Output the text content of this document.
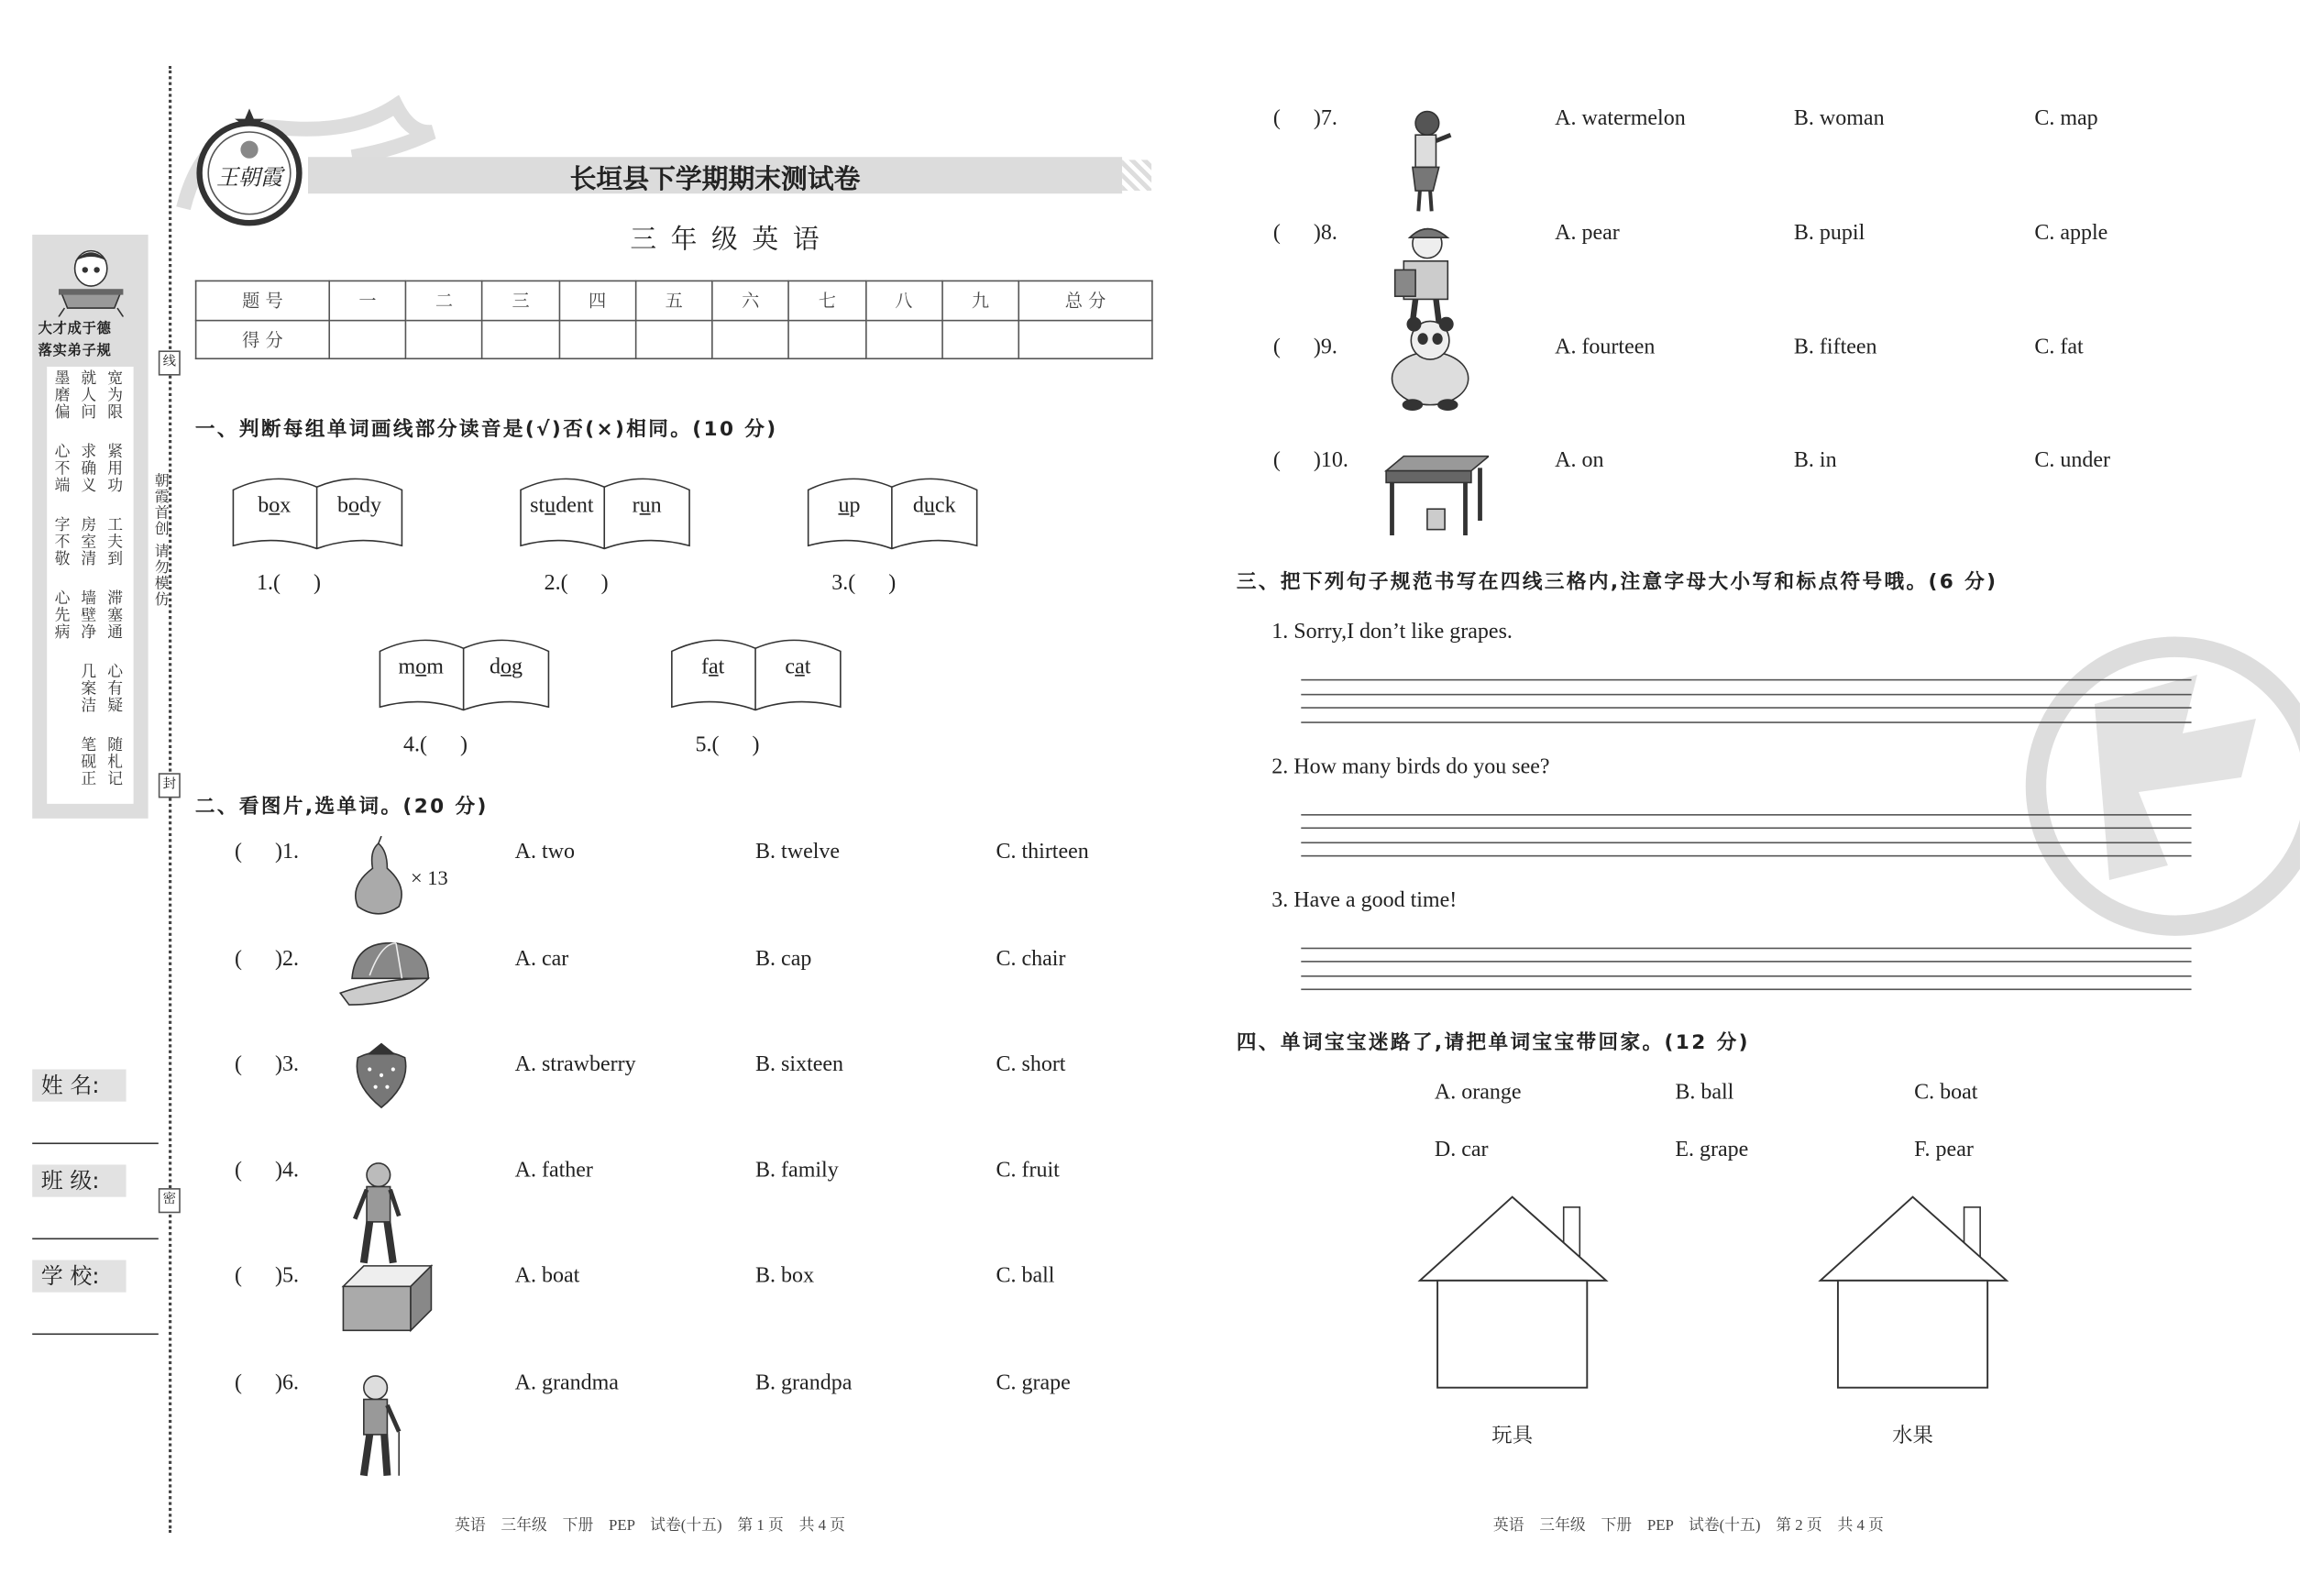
线
封
密
朝霞首创 请勿模仿
大才成于德
落实弟子规
墨磨偏
心不端
字不敬
心先病
就人问
求确义
房室清
墙壁净
几案洁
笔砚正
宽为限
紧用功
工夫到
滞塞通
心有疑
随札记
姓 名:
班 级:
学 校:
王朝霞	长垣县下学期期末测试卷
三 年 级 英 语
题 号	一	二	三	四	五	六	七	八	九	总 分
得 分										
一、判断每组单词画线部分读音是(√)否(×)相同。(10 分)
二、看图片,选单词。(20 分)
三、把下列句子规范书写在四线三格内,注意字母大小写和标点符号哦。(6 分)
1. Sorry,I don’t like grapes.
2. How many birds do you see?
3. Have a good time!
四、单词宝宝迷路了,请把单词宝宝带回家。(12 分)
A. orange	B. ball	C. boat
D. car	E. grape	F. pear
玩具	水果
英语　三年级　下册　PEP　试卷(十五)　第 1 页　共 4 页	英语　三年级　下册　PEP　试卷(十五)　第 2 页　共 4 页
box	body
1.(      )
student	run
2.(      )
up	duck
3.(      )
mom	dog
4.(      )
fat	cat
5.(      )
(      )1.
× 13
A. two	B. twelve	C. thirteen
(      )2.	A. car	B. cap	C. chair
(      )3.	A. strawberry	B. sixteen	C. short
(      )4.	A. father	B. family	C. fruit
(      )5.	A. boat	B. box	C. ball
(      )6.	A. grandma	B. grandpa	C. grape
(      )7.	A. watermelon	B. woman	C. map
(      )8.	A. pear	B. pupil	C. apple
(      )9.	A. fourteen	B. fifteen	C. fat
(      )10.	A. on	B. in	C. under
